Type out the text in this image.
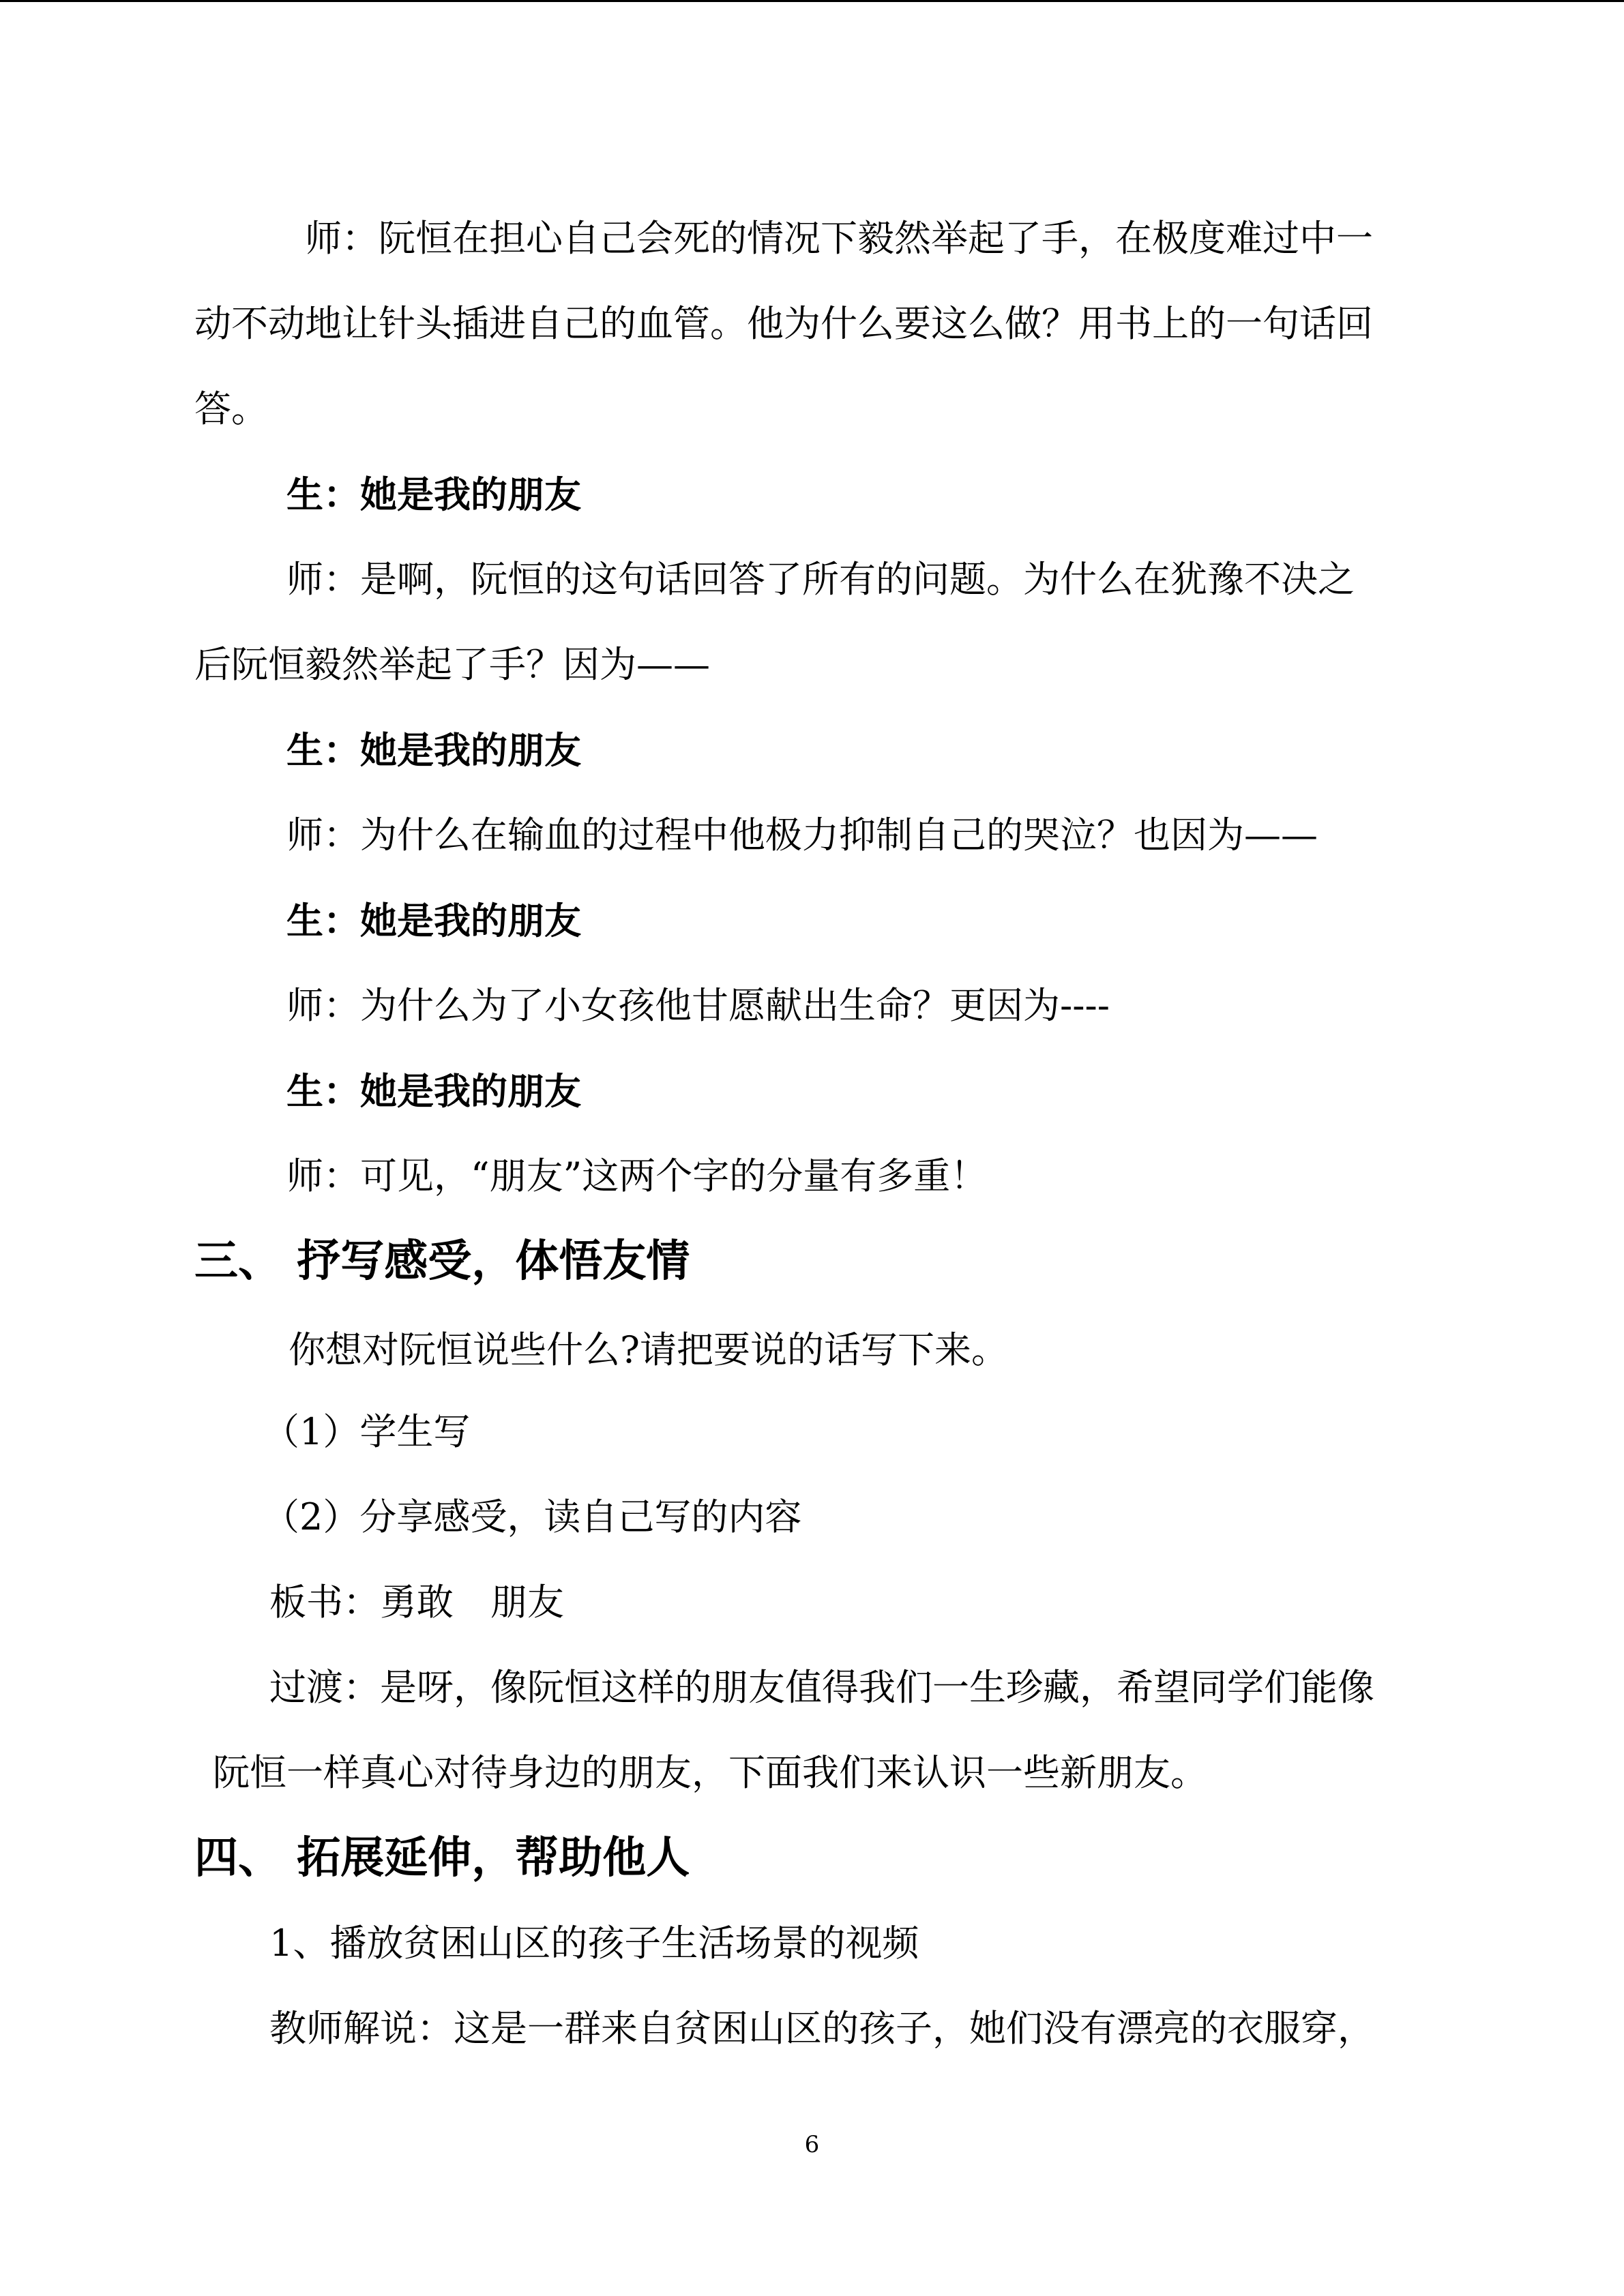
师：阮恒在担心自己会死的情况下毅然举起了手，在极度难过中一
动不动地让针头插进自己的血管。他为什么要这么做？用书上的一句话回
答。
生：她是我的朋友
师：是啊，阮恒的这句话回答了所有的问题。为什么在犹豫不决之
后阮恒毅然举起了手？因为——
生：她是我的朋友
师：为什么在输血的过程中他极力抑制自己的哭泣？也因为——
生：她是我的朋友
师：为什么为了小女孩他甘愿献出生命？更因为----
生：她是我的朋友
师：可见，“朋友”这两个字的分量有多重！
三、 抒写感受，体悟友情
你想对阮恒说些什么?请把要说的话写下来。
（1）学生写
（2）分享感受，读自己写的内容
板书：勇敢　朋友
过渡：是呀，像阮恒这样的朋友值得我们一生珍藏，希望同学们能像
阮恒一样真心对待身边的朋友，下面我们来认识一些新朋友。
四、 拓展延伸，帮助他人
1、播放贫困山区的孩子生活场景的视频
教师解说：这是一群来自贫困山区的孩子，她们没有漂亮的衣服穿，
6
